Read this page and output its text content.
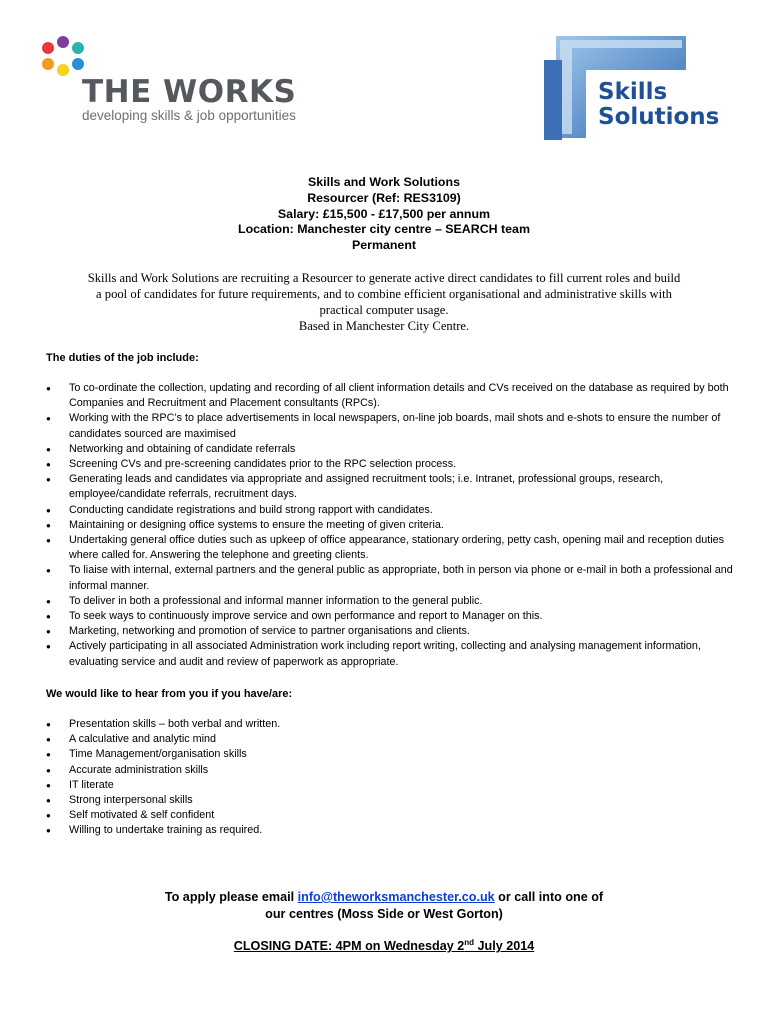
THE WORKS
developing skills & job opportunities
Skills
Solutions
Skills and Work Solutions
Resourcer (Ref: RES3109)
Salary: £15,500 - £17,500 per annum
Location: Manchester city centre – SEARCH team
Permanent
Skills and Work Solutions are recruiting a Resourcer to generate active direct candidates to fill current roles and build
a pool of candidates for future requirements, and to combine efficient organisational and administrative skills with
practical computer usage.
Based in Manchester City Centre.
The duties of the job include:
● To co-ordinate the collection, updating and recording of all client information details and CVs received on the database as required by both Companies and Recruitment and Placement consultants (RPCs).
● Working with the RPC’s to place advertisements in local newspapers, on-line job boards, mail shots and e-shots to ensure the number of candidates sourced are maximised
● Networking and obtaining of candidate referrals
● Screening CVs and pre-screening candidates prior to the RPC selection process.
● Generating leads and candidates via appropriate and assigned recruitment tools; i.e. Intranet, professional groups, research, employee/candidate referrals, recruitment days.
● Conducting candidate registrations and build strong rapport with candidates.
● Maintaining or designing office systems to ensure the meeting of given criteria.
● Undertaking general office duties such as upkeep of office appearance, stationary ordering, petty cash, opening mail and reception duties where called for. Answering the telephone and greeting clients.
● To liaise with internal, external partners and the general public as appropriate, both in person via phone or e-mail in both a professional and informal manner.
● To deliver in both a professional and informal manner information to the general public.
● To seek ways to continuously improve service and own performance and report to Manager on this.
● Marketing, networking and promotion of service to partner organisations and clients.
● Actively participating in all associated Administration work including report writing, collecting and analysing management information, evaluating service and audit and review of paperwork as appropriate.
We would like to hear from you if you have/are:
● Presentation skills – both verbal and written.
● A calculative and analytic mind
● Time Management/organisation skills
● Accurate administration skills
● IT literate
● Strong interpersonal skills
● Self motivated & self confident
● Willing to undertake training as required.
To apply please email info@theworksmanchester.co.uk or call into one of
our centres (Moss Side or West Gorton)
CLOSING DATE: 4PM on Wednesday 2nd July 2014
